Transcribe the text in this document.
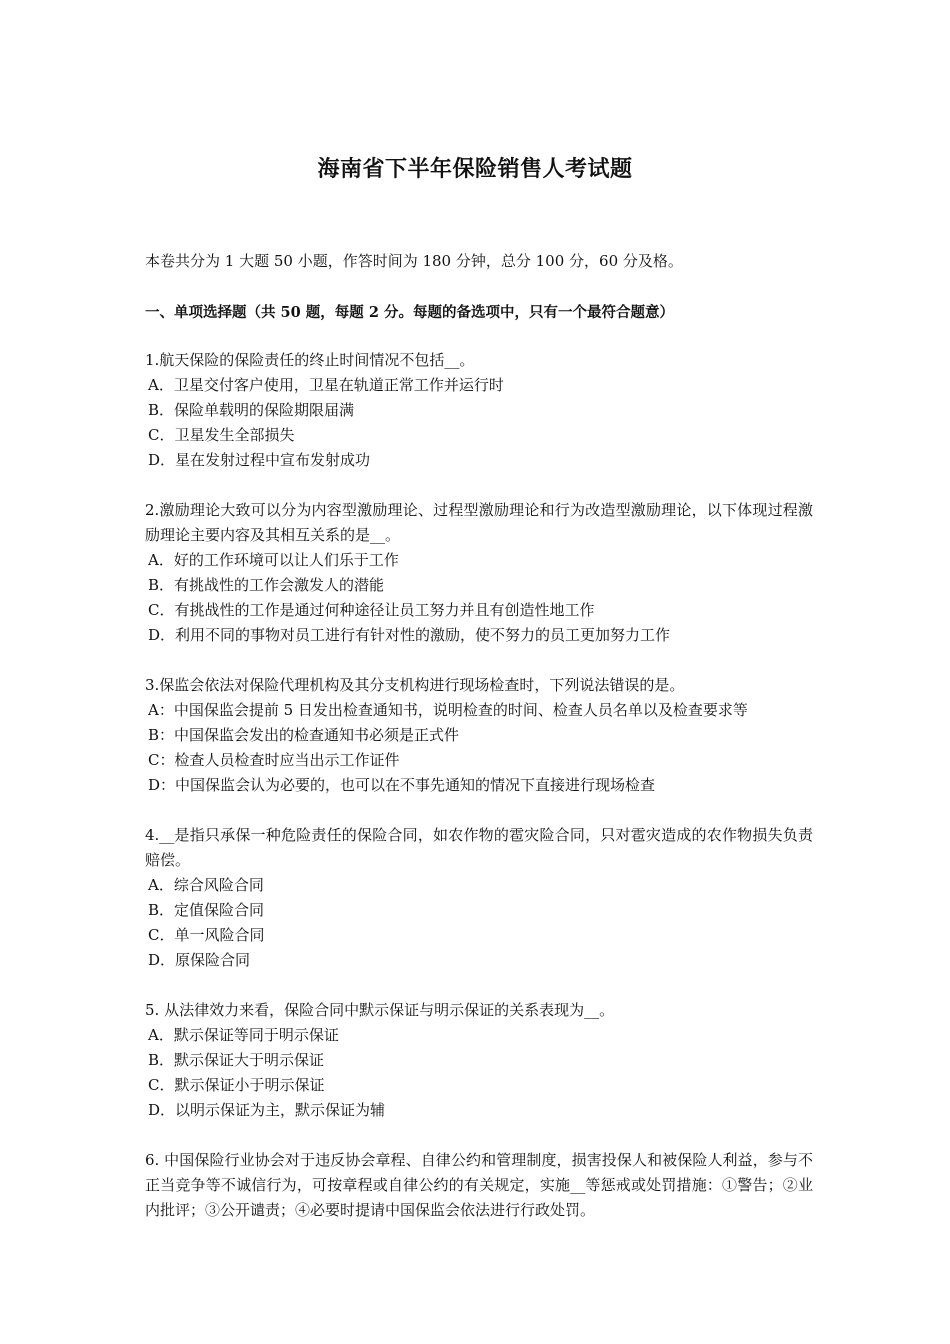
海南省下半年保险销售人考试题
本卷共分为 1 大题 50 小题，作答时间为 180 分钟，总分 100 分，60 分及格。
一、单项选择题（共 50 题，每题 2 分。每题的备选项中，只有一个最符合题意）

1.航天保险的保险责任的终止时间情况不包括__。

A．卫星交付客户使用，卫星在轨道正常工作并运行时

B．保险单载明的保险期限届满

C．卫星发生全部损失

D．星在发射过程中宣布发射成功

2.激励理论大致可以分为内容型激励理论、过程型激励理论和行为改造型激励理论，以下体现过程激励理论主要内容及其相互关系的是__。

A．好的工作环境可以让人们乐于工作

B．有挑战性的工作会激发人的潜能

C．有挑战性的工作是通过何种途径让员工努力并且有创造性地工作

D．利用不同的事物对员工进行有针对性的激励，使不努力的员工更加努力工作

3.保监会依法对保险代理机构及其分支机构进行现场检查时，下列说法错误的是。

A：中国保监会提前 5 日发出检查通知书，说明检查的时间、检查人员名单以及检查要求等

B：中国保监会发出的检查通知书必须是正式件

C：检查人员检查时应当出示工作证件

D：中国保监会认为必要的，也可以在不事先通知的情况下直接进行现场检查

4.__是指只承保一种危险责任的保险合同，如农作物的雹灾险合同，只对雹灾造成的农作物损失负责赔偿。

A．综合风险合同

B．定值保险合同

C．单一风险合同

D．原保险合同

5. 从法律效力来看，保险合同中默示保证与明示保证的关系表现为__。

A．默示保证等同于明示保证

B．默示保证大于明示保证

C．默示保证小于明示保证

D．以明示保证为主，默示保证为辅

6. 中国保险行业协会对于违反协会章程、自律公约和管理制度，损害投保人和被保险人利益，参与不正当竞争等不诚信行为，可按章程或自律公约的有关规定，实施__等惩戒或处罚措施：①警告；②业内批评；③公开谴责；④必要时提请中国保监会依法进行行政处罚。
